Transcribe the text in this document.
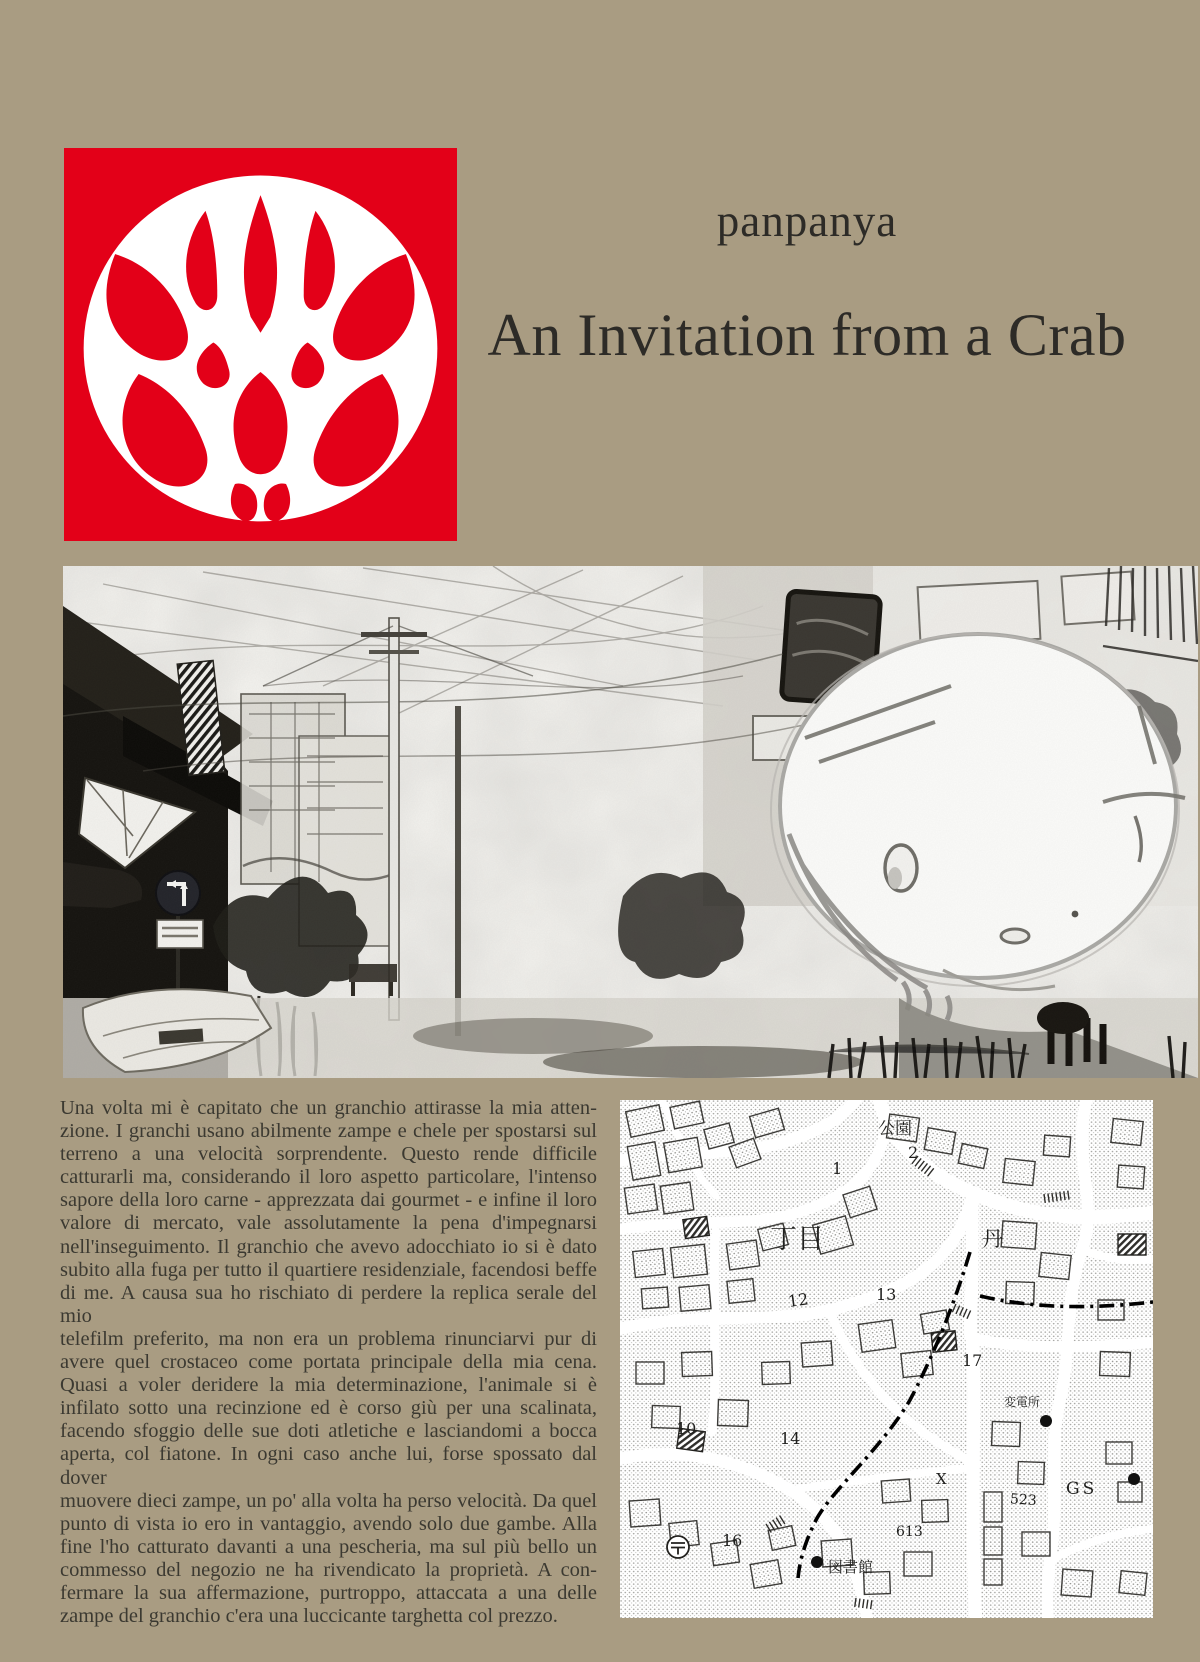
panpanya
An Invitation from a Crab
Una volta mi è capitato che un granchio attirasse la mia atten-
zione. I granchi usano abilmente zampe e chele per spostarsi sul
terreno a una velocità sorprendente. Questo rende difficile
catturarli ma, considerando il loro aspetto particolare, l'intenso
sapore della loro carne - apprezzata dai gourmet - e infine il loro
valore di mercato, vale assolutamente la pena d'impegnarsi
nell'inseguimento. Il granchio che avevo adocchiato io si è dato
subito alla fuga per tutto il quartiere residenziale, facendosi beffe
di me. A causa sua ho rischiato di perdere la replica serale del mio
telefilm preferito, ma non era un problema rinunciarvi pur di
avere quel crostaceo come portata principale della mia cena.
Quasi a voler deridere la mia determinazione, l'animale si è
infilato sotto una recinzione ed è corso giù per una scalinata,
facendo sfoggio delle sue doti atletiche e lasciandomi a bocca
aperta, col fiatone. In ogni caso anche lui, forse spossato dal dover
muovere dieci zampe, un po' alla volta ha perso velocità. Da quel
punto di vista io ero in vantaggio, avendo solo due gambe. Alla
fine l'ho catturato davanti a una pescheria, ma sul più bello un
commesso del negozio ne ha rivendicato la proprietà. A con-
fermare la sua affermazione, purtroppo, attaccata a una delle
zampe del granchio c'era una luccicante targhetta col prezzo.
公園
2
1
丁目
12	13
丹
17
10
14
X
523
GS
613
16
図書館
変電所
